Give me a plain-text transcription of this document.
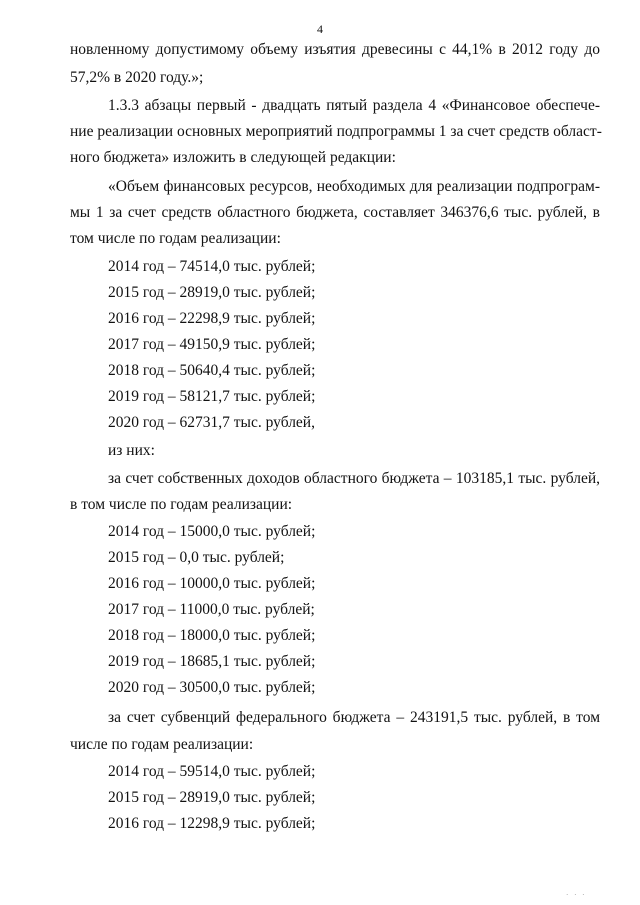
4
новленному допустимому объему изъятия древесины с 44,1% в 2012 году до
57,2% в 2020 году.»;
1.3.3 абзацы первый - двадцать пятый раздела 4 «Финансовое обеспече-
ние реализации основных мероприятий подпрограммы 1 за счет средств област-
ного бюджета» изложить в следующей редакции:
«Объем финансовых ресурсов, необходимых для реализации подпрограм-
мы 1 за счет средств областного бюджета, составляет 346376,6 тыс. рублей, в
том числе по годам реализации:
2014 год – 74514,0 тыс. рублей;
2015 год – 28919,0 тыс. рублей;
2016 год – 22298,9 тыс. рублей;
2017 год – 49150,9 тыс. рублей;
2018 год – 50640,4 тыс. рублей;
2019 год – 58121,7 тыс. рублей;
2020 год – 62731,7 тыс. рублей,
из них:
за счет собственных доходов областного бюджета – 103185,1 тыс. рублей,
в том числе по годам реализации:
2014 год – 15000,0 тыс. рублей;
2015 год – 0,0 тыс. рублей;
2016 год – 10000,0 тыс. рублей;
2017 год – 11000,0 тыс. рублей;
2018 год – 18000,0 тыс. рублей;
2019 год – 18685,1 тыс. рублей;
2020 год – 30500,0 тыс. рублей;
за счет субвенций федерального бюджета – 243191,5 тыс. рублей, в том
числе по годам реализации:
2014 год – 59514,0 тыс. рублей;
2015 год – 28919,0 тыс. рублей;
2016 год – 12298,9 тыс. рублей;
· · ·
